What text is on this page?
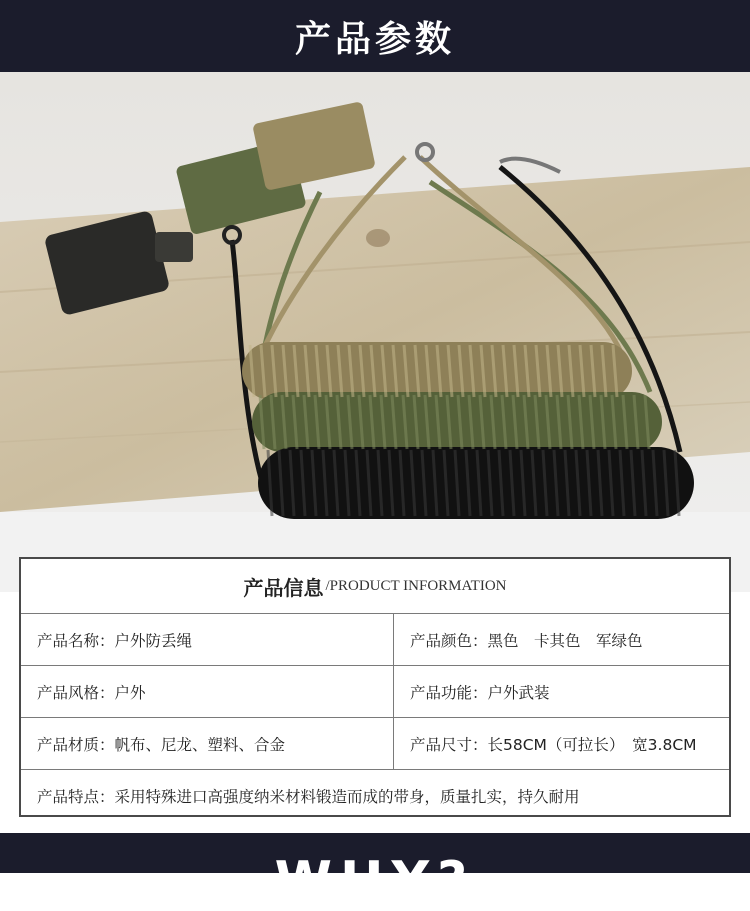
产品参数
产品信息 /PRODUCT INFORMATION
产品名称：户外防丢绳	产品颜色：黑色　卡其色　军绿色
产品风格：户外	产品功能：户外武装
产品材质：帆布、尼龙、塑料、合金	产品尺寸：长58CM（可拉长）　宽3.8CM
产品特点：采用特殊进口高强度纳米材料锻造而成的带身，质量扎实，持久耐用
WHY?
